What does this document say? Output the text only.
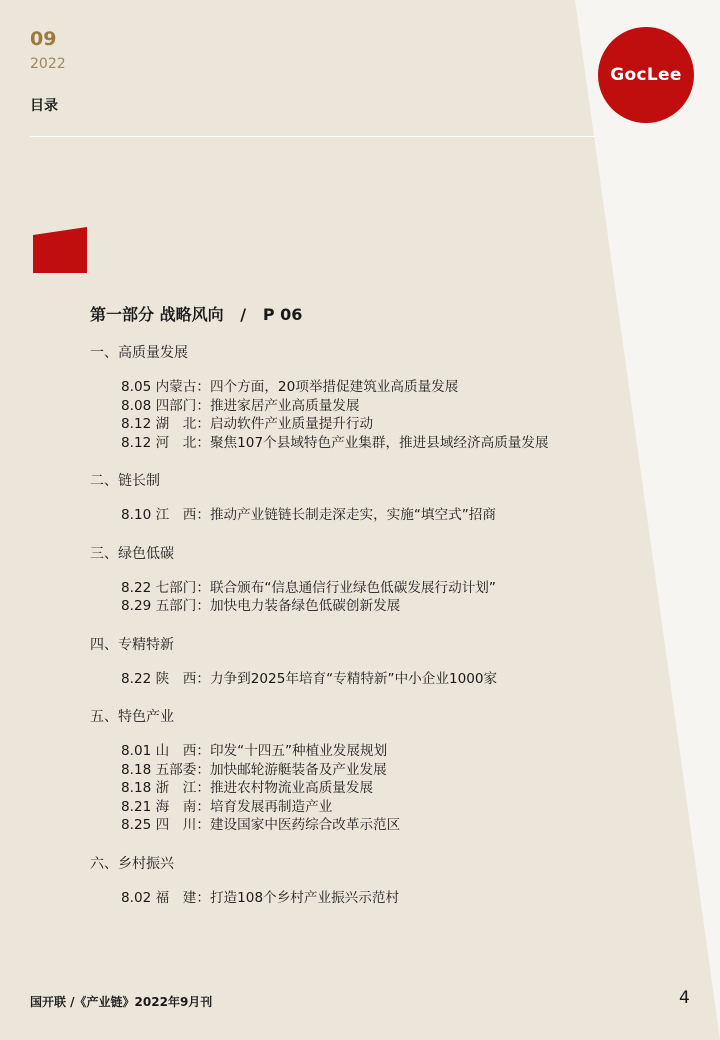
09
2022
目录
GocLee
第一部分 战略风向   /   P 06
一、高质量发展
8.05 内蒙古：四个方面，20项举措促建筑业高质量发展
8.08 四部门：推进家居产业高质量发展
8.12 湖　北：启动软件产业质量提升行动
8.12 河　北：聚焦107个县域特色产业集群，推进县域经济高质量发展
二、链长制
8.10 江　西：推动产业链链长制走深走实，实施“填空式”招商
三、绿色低碳
8.22 七部门：联合颁布“信息通信行业绿色低碳发展行动计划”
8.29 五部门：加快电力装备绿色低碳创新发展
四、专精特新
8.22 陕　西：力争到2025年培育“专精特新”中小企业1000家
五、特色产业
8.01 山　西：印发“十四五”种植业发展规划
8.18 五部委：加快邮轮游艇装备及产业发展
8.18 浙　江：推进农村物流业高质量发展
8.21 海　南：培育发展再制造产业
8.25 四　川：建设国家中医药综合改革示范区
六、乡村振兴
8.02 福　建：打造108个乡村产业振兴示范村
国开联 /《产业链》2022年9月刊	4
